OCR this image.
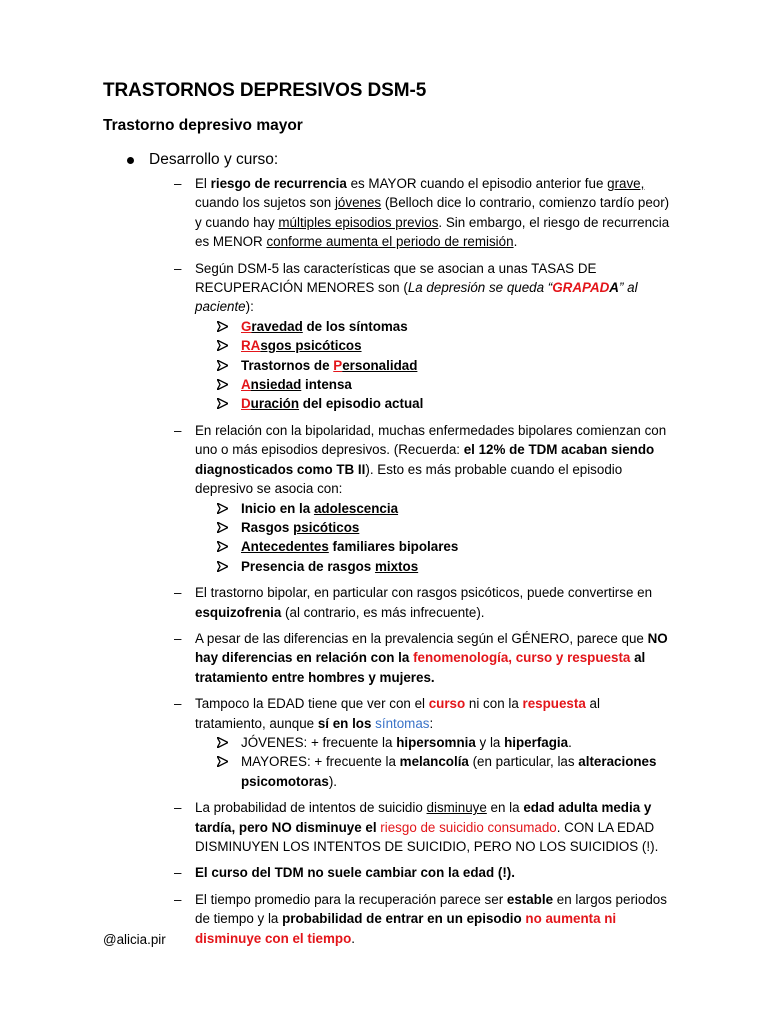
TRASTORNOS DEPRESIVOS DSM-5
Trastorno depresivo mayor
Desarrollo y curso:
– El riesgo de recurrencia es MAYOR cuando el episodio anterior fue grave, cuando los sujetos son jóvenes (Belloch dice lo contrario, comienzo tardío peor) y cuando hay múltiples episodios previos. Sin embargo, el riesgo de recurrencia es MENOR conforme aumenta el periodo de remisión.
– Según DSM-5 las características que se asocian a unas TASAS DE RECUPERACIÓN MENORES son (La depresión se queda “GRAPADA” al paciente):
Gravedad de los síntomas
RAsgos psicóticos
Trastornos de Personalidad
Ansiedad intensa
Duración del episodio actual
– En relación con la bipolaridad, muchas enfermedades bipolares comienzan con uno o más episodios depresivos. (Recuerda: el 12% de TDM acaban siendo diagnosticados como TB II). Esto es más probable cuando el episodio depresivo se asocia con:
Inicio en la adolescencia
Rasgos psicóticos
Antecedentes familiares bipolares
Presencia de rasgos mixtos
– El trastorno bipolar, en particular con rasgos psicóticos, puede convertirse en esquizofrenia (al contrario, es más infrecuente).
– A pesar de las diferencias en la prevalencia según el GÉNERO, parece que NO hay diferencias en relación con la fenomenología, curso y respuesta al tratamiento entre hombres y mujeres.
– Tampoco la EDAD tiene que ver con el curso ni con la respuesta al tratamiento, aunque sí en los síntomas:
JÓVENES: + frecuente la hipersomnia y la hiperfagia.
MAYORES: + frecuente la melancolía (en particular, las alteraciones psicomotoras).
– La probabilidad de intentos de suicidio disminuye en la edad adulta media y tardía, pero NO disminuye el riesgo de suicidio consumado. CON LA EDAD DISMINUYEN LOS INTENTOS DE SUICIDIO, PERO NO LOS SUICIDIOS (!).
– El curso del TDM no suele cambiar con la edad (!).
– El tiempo promedio para la recuperación parece ser estable en largos periodos de tiempo y la probabilidad de entrar en un episodio no aumenta ni disminuye con el tiempo.
@alicia.pir
